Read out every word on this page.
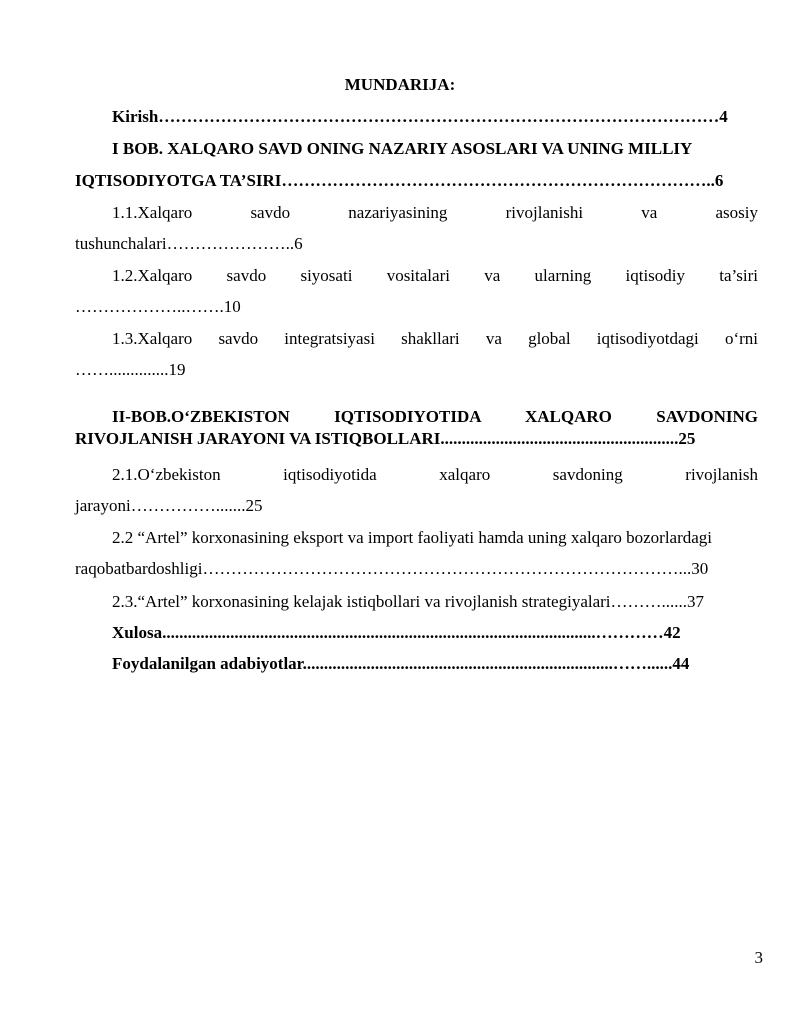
MUNDARIJA:
Kirish………………………………………………………………………………………4
I BOB. XALQARO SAVD ONING NAZARIY ASOSLARI VA UNING MILLIY
IQTISODIYOTGA TA’SIRI…………………………………………………………………..6
1.1.Xalqaro savdo nazariyasining rivojlanishi va asosiy
tushunchalari…………………..6
1.2.Xalqaro savdo siyosati vositalari va ularning iqtisodiy ta’siri
………………..…….10
1.3.Xalqaro savdo integratsiyasi shakllari va global iqtisodiyotdagi o‘rni
……..............19
II-BOB.O‘ZBEKISTON IQTISODIYOTIDA XALQARO SAVDONING
RIVOJLANISH JARAYONI VA ISTIQBOLLARI........................................................25
2.1.O‘zbekiston iqtisodiyotida xalqaro savdoning rivojlanish
jarayoni…………….......25
2.2 “Artel” korxonasining eksport va import faoliyati hamda uning xalqaro bozorlardagi
raqobatbardoshligi…………………………………………………………………………...30
2.3.“Artel” korxonasining kelajak istiqbollari va rivojlanish strategiyalari………......37
Xulosa......................................................................................................…………42
Foydalanilgan adabiyotlar.........................................................................……......44
3
